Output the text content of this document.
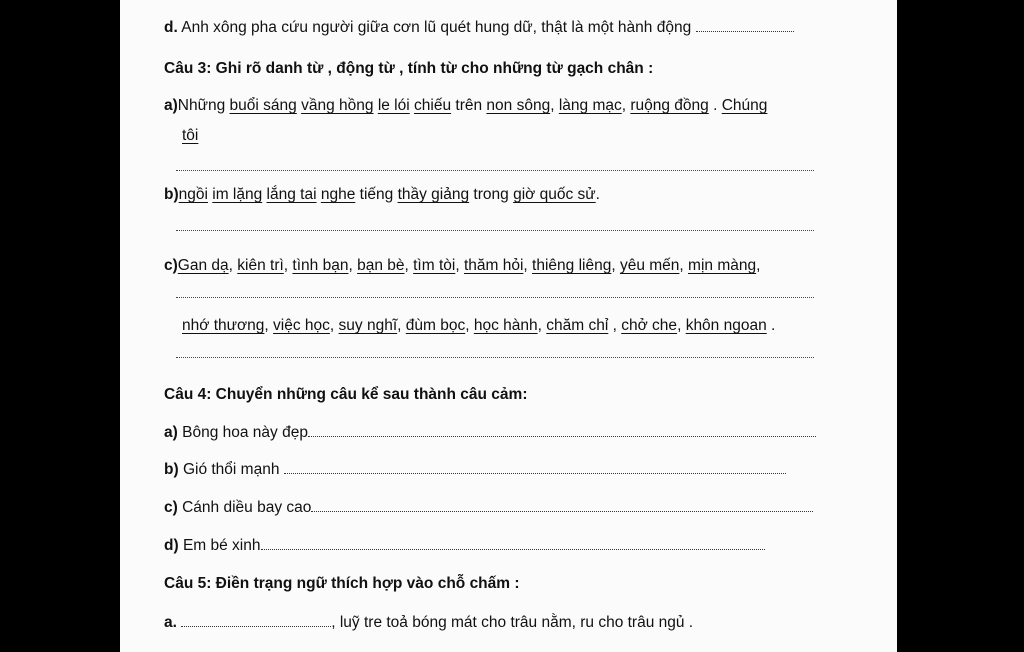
d. Anh xông pha cứu người giữa cơn lũ quét hung dữ, thật là một hành động
Câu 3: Ghi rõ danh từ , động từ , tính từ cho những từ gạch chân :
a)Những buổi sáng vầng hồng le lói chiếu trên non sông, làng mạc, ruộng đồng . Chúng
tôi
b)ngồi im lặng lắng tai nghe tiếng thầy giảng trong giờ quốc sử.
c)Gan dạ, kiên trì, tình bạn, bạn bè, tìm tòi, thăm hỏi, thiêng liêng, yêu mến, mịn màng,
nhớ thương, việc học, suy nghĩ, đùm bọc, học hành, chăm chỉ , chở che, khôn ngoan .
Câu 4: Chuyển những câu kể sau thành câu cảm:
a) Bông hoa này đẹp
b) Gió thổi mạnh
c) Cánh diều bay cao
d) Em bé xinh
Câu 5: Điền trạng ngữ thích hợp vào chỗ chấm :
a.	, luỹ tre toả bóng mát cho trâu nằm, ru cho trâu ngủ .
